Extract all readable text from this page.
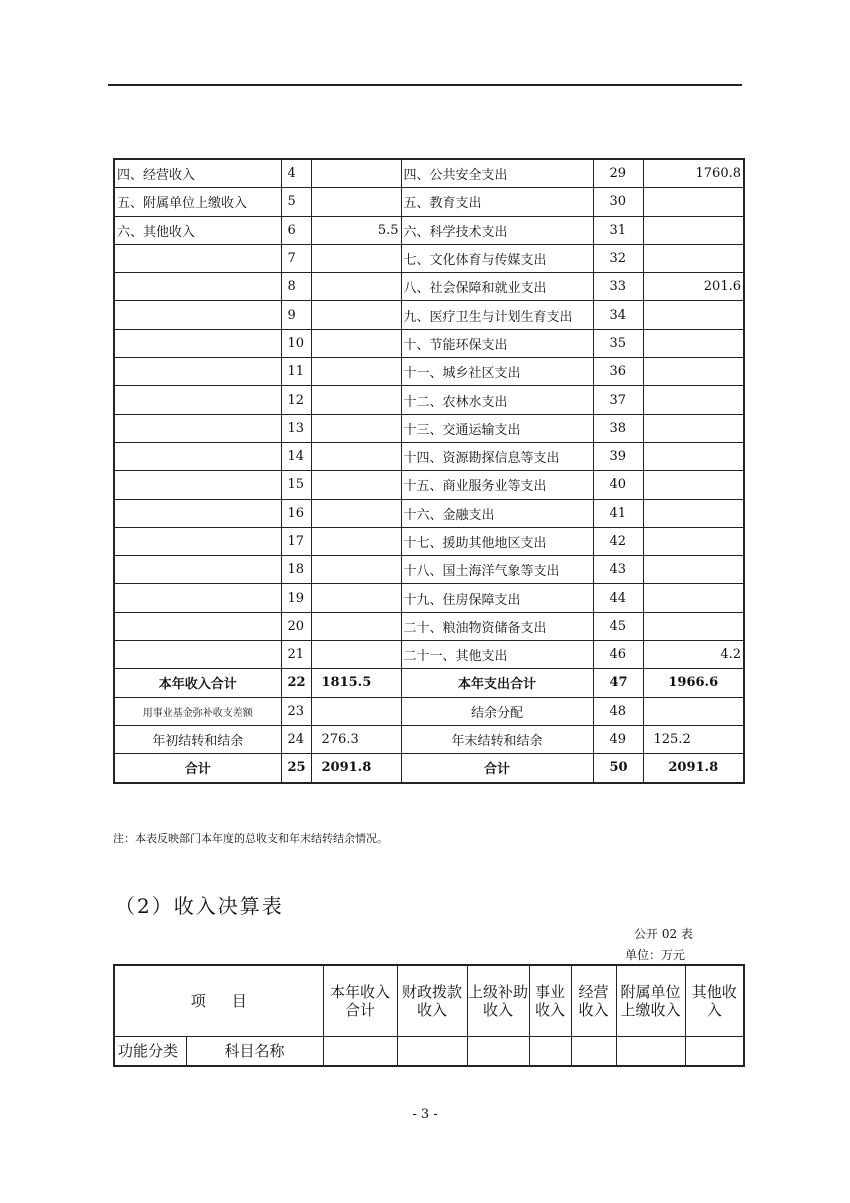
四、经营收入	4		四、公共安全支出	29	1760.8
五、附属单位上缴收入	5		五、教育支出	30	
六、其他收入	6	5.5	六、科学技术支出	31	
	7		七、文化体育与传媒支出	32	
	8		八、社会保障和就业支出	33	201.6
	9		九、医疗卫生与计划生育支出	34	
	10		十、节能环保支出	35	
	11		十一、城乡社区支出	36	
	12		十二、农林水支出	37	
	13		十三、交通运输支出	38	
	14		十四、资源勘探信息等支出	39	
	15		十五、商业服务业等支出	40	
	16		十六、金融支出	41	
	17		十七、援助其他地区支出	42	
	18		十八、国土海洋气象等支出	43	
	19		十九、住房保障支出	44	
	20		二十、粮油物资储备支出	45	
	21		二十一、其他支出	46	4.2
本年收入合计	22	1815.5	本年支出合计	47	1966.6
用事业基金弥补收支差额	23		结余分配	48	
年初结转和结余	24	276.3	年末结转和结余	49	125.2
合计	25	2091.8	合计	50	2091.8
注：本表反映部门本年度的总收支和年末结转结余情况。
（2）收入决算表
公开 02 表
单位：万元
项目		本年收入合计	财政拨款收入	上级补助收入	事业收入	经营收入	附属单位上缴收入	其他收入
功能分类	科目名称							
- 3 -
